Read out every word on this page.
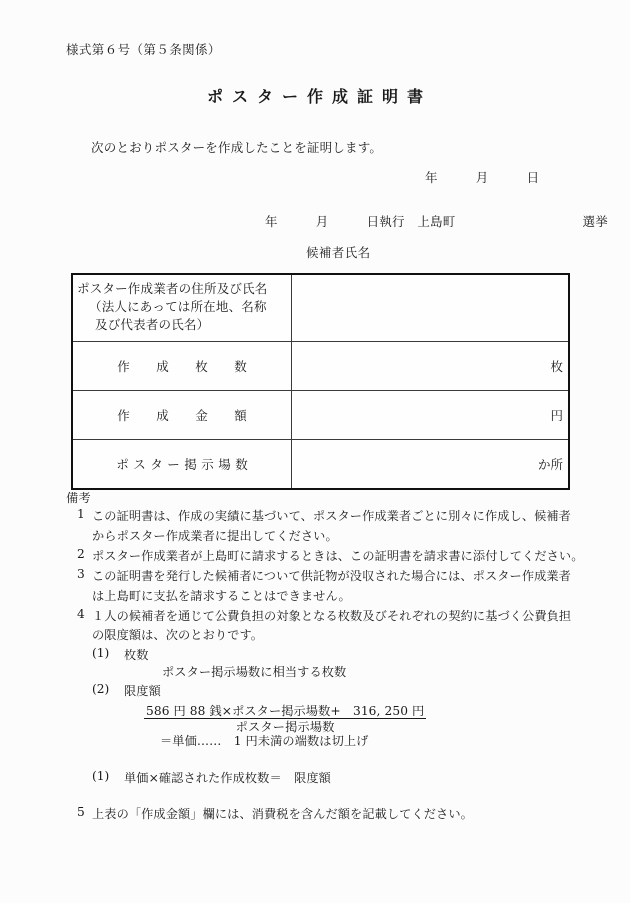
様式第６号（第５条関係）
ポスター作成証明書
次のとおりポスターを作成したことを証明します。
年　　　月　　　日
年　　　月　　　日執行　上島町　　　　　　　　　　選挙
候補者氏名
ポスター作成業者の住所及び氏名
（法人にあっては所在地、名称
及び代表者の氏名）	

作　成　枚　数	枚
作　成　金　額	円
ポスター掲示場数	か所
備考
1 この証明書は、作成の実績に基づいて、ポスター作成業者ごとに別々に作成し、候補者

からポスター作成業者に提出してください。

2 ポスター作成業者が上島町に請求するときは、この証明書を請求書に添付してください。

3 この証明書を発行した候補者について供託物が没収された場合には、ポスター作成業者

は上島町に支払を請求することはできません。

4 １人の候補者を通じて公費負担の対象となる枚数及びそれぞれの契約に基づく公費負担

の限度額は、次のとおりです。

(1)	枚数

ポスター掲示場数に相当する枚数

(2)	限度額

$\frac{\text{586 円 88 銭×ポスター掲示場数+　316, 250 円}}{\text{ポスター掲示場数}}$

＝単価……　1 円未満の端数は切上げ

(1)	単価×確認された作成枚数＝　限度額

5 上表の「作成金額」欄には、消費税を含んだ額を記載してください。
